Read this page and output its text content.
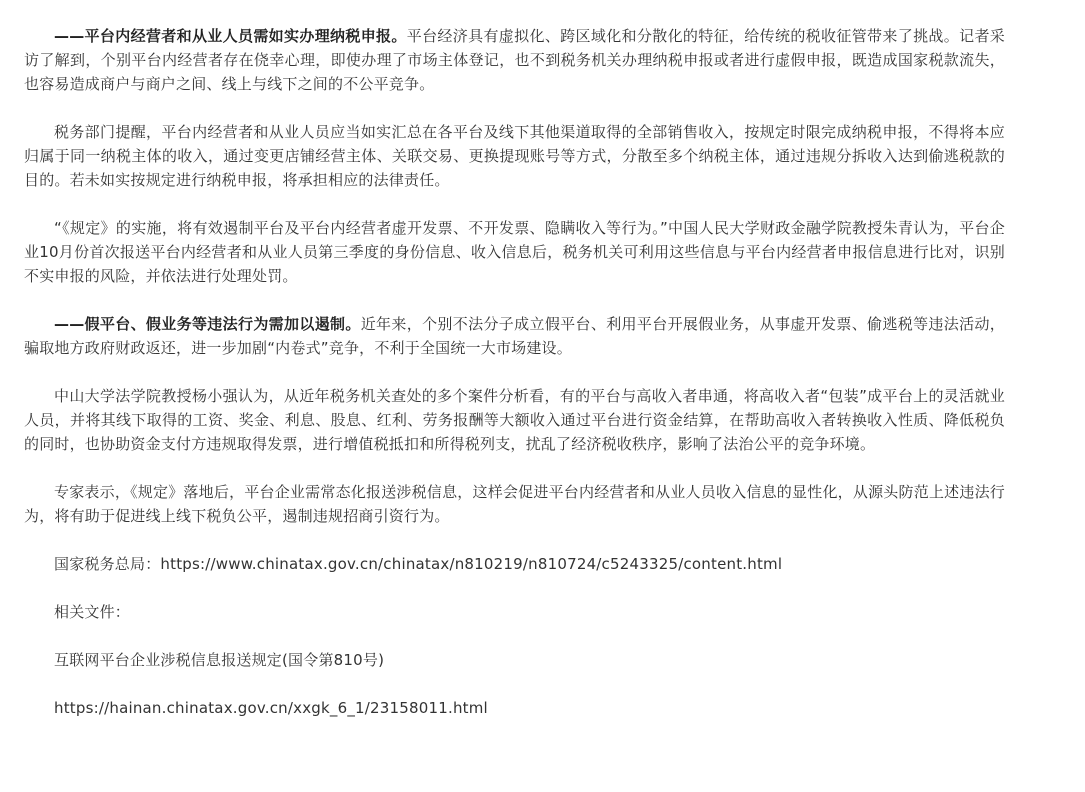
——平台内经营者和从业人员需如实办理纳税申报。平台经济具有虚拟化、跨区域化和分散化的特征，给传统的税收征管带来了挑战。记者采访了解到，个别平台内经营者存在侥幸心理，即使办理了市场主体登记，也不到税务机关办理纳税申报或者进行虚假申报，既造成国家税款流失，也容易造成商户与商户之间、线上与线下之间的不公平竞争。

税务部门提醒，平台内经营者和从业人员应当如实汇总在各平台及线下其他渠道取得的全部销售收入，按规定时限完成纳税申报，不得将本应归属于同一纳税主体的收入，通过变更店铺经营主体、关联交易、更换提现账号等方式，分散至多个纳税主体，通过违规分拆收入达到偷逃税款的目的。若未如实按规定进行纳税申报，将承担相应的法律责任。

“《规定》的实施，将有效遏制平台及平台内经营者虚开发票、不开发票、隐瞒收入等行为。”中国人民大学财政金融学院教授朱青认为，平台企业10月份首次报送平台内经营者和从业人员第三季度的身份信息、收入信息后，税务机关可利用这些信息与平台内经营者申报信息进行比对，识别不实申报的风险，并依法进行处理处罚。

——假平台、假业务等违法行为需加以遏制。近年来，个别不法分子成立假平台、利用平台开展假业务，从事虚开发票、偷逃税等违法活动，骗取地方政府财政返还，进一步加剧“内卷式”竞争，不利于全国统一大市场建设。

中山大学法学院教授杨小强认为，从近年税务机关查处的多个案件分析看，有的平台与高收入者串通，将高收入者“包装”成平台上的灵活就业人员，并将其线下取得的工资、奖金、利息、股息、红利、劳务报酬等大额收入通过平台进行资金结算，在帮助高收入者转换收入性质、降低税负的同时，也协助资金支付方违规取得发票，进行增值税抵扣和所得税列支，扰乱了经济税收秩序，影响了法治公平的竞争环境。

专家表示，《规定》落地后，平台企业需常态化报送涉税信息，这样会促进平台内经营者和从业人员收入信息的显性化，从源头防范上述违法行为，将有助于促进线上线下税负公平，遏制违规招商引资行为。

国家税务总局：https://www.chinatax.gov.cn/chinatax/n810219/n810724/c5243325/content.html

相关文件：

互联网平台企业涉税信息报送规定(国令第810号)

https://hainan.chinatax.gov.cn/xxgk_6_1/23158011.html
